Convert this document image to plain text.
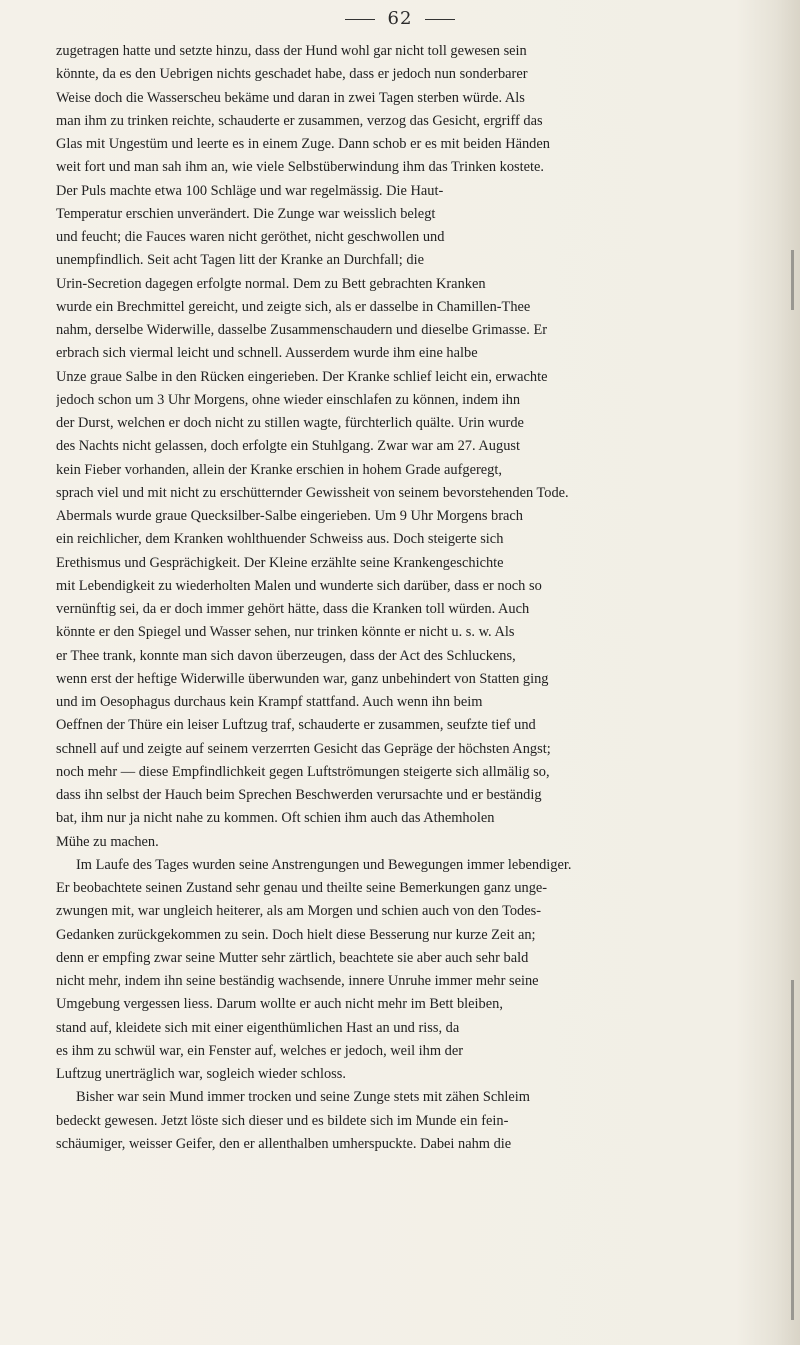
62
zugetragen hatte und setzte hinzu, dass der Hund wohl gar nicht toll gewesen sein
könnte, da es den Uebrigen nichts geschadet habe, dass er jedoch nun sonderbarer
Weise doch die Wasserscheu bekäme und daran in zwei Tagen sterben würde. Als
man ihm zu trinken reichte, schauderte er zusammen, verzog das Gesicht, ergriff das
Glas mit Ungestüm und leerte es in einem Zuge. Dann schob er es mit beiden Händen
weit fort und man sah ihm an, wie viele Selbstüberwindung ihm das Trinken kostete.
Der Puls machte etwa 100 Schläge und war regelmässig. Die Haut-
Temperatur erschien unverändert. Die Zunge war weisslich belegt
und feucht; die Fauces waren nicht geröthet, nicht geschwollen und
unempfindlich. Seit acht Tagen litt der Kranke an Durchfall; die
Urin-Secretion dagegen erfolgte normal. Dem zu Bett gebrachten Kranken
wurde ein Brechmittel gereicht, und zeigte sich, als er dasselbe in Chamillen-Thee
nahm, derselbe Widerwille, dasselbe Zusammenschaudern und dieselbe Grimasse. Er
erbrach sich viermal leicht und schnell. Ausserdem wurde ihm eine halbe
Unze graue Salbe in den Rücken eingerieben. Der Kranke schlief leicht ein, erwachte
jedoch schon um 3 Uhr Morgens, ohne wieder einschlafen zu können, indem ihn
der Durst, welchen er doch nicht zu stillen wagte, fürchterlich quälte. Urin wurde
des Nachts nicht gelassen, doch erfolgte ein Stuhlgang. Zwar war am 27. August
kein Fieber vorhanden, allein der Kranke erschien in hohem Grade aufgeregt,
sprach viel und mit nicht zu erschütternder Gewissheit von seinem bevorstehenden Tode.
Abermals wurde graue Quecksilber-Salbe eingerieben. Um 9 Uhr Morgens brach
ein reichlicher, dem Kranken wohlthuender Schweiss aus. Doch steigerte sich
Erethismus und Gesprächigkeit. Der Kleine erzählte seine Krankengeschichte
mit Lebendigkeit zu wiederholten Malen und wunderte sich darüber, dass er noch so
vernünftig sei, da er doch immer gehört hätte, dass die Kranken toll würden. Auch
könnte er den Spiegel und Wasser sehen, nur trinken könnte er nicht u. s. w. Als
er Thee trank, konnte man sich davon überzeugen, dass der Act des Schluckens,
wenn erst der heftige Widerwille überwunden war, ganz unbehindert von Statten ging
und im Oesophagus durchaus kein Krampf stattfand. Auch wenn ihn beim
Oeffnen der Thüre ein leiser Luftzug traf, schauderte er zusammen, seufzte tief und
schnell auf und zeigte auf seinem verzerrten Gesicht das Gepräge der höchsten Angst;
noch mehr — diese Empfindlichkeit gegen Luftströmungen steigerte sich allmälig so,
dass ihn selbst der Hauch beim Sprechen Beschwerden verursachte und er beständig
bat, ihm nur ja nicht nahe zu kommen. Oft schien ihm auch das Athemholen
Mühe zu machen.
Im Laufe des Tages wurden seine Anstrengungen und Bewegungen immer lebendiger.
Er beobachtete seinen Zustand sehr genau und theilte seine Bemerkungen ganz unge-
zwungen mit, war ungleich heiterer, als am Morgen und schien auch von den Todes-
Gedanken zurückgekommen zu sein. Doch hielt diese Besserung nur kurze Zeit an;
denn er empfing zwar seine Mutter sehr zärtlich, beachtete sie aber auch sehr bald
nicht mehr, indem ihn seine beständig wachsende, innere Unruhe immer mehr seine
Umgebung vergessen liess. Darum wollte er auch nicht mehr im Bett bleiben,
stand auf, kleidete sich mit einer eigenthümlichen Hast an und riss, da
es ihm zu schwül war, ein Fenster auf, welches er jedoch, weil ihm der
Luftzug unerträglich war, sogleich wieder schloss.
Bisher war sein Mund immer trocken und seine Zunge stets mit zähen Schleim
bedeckt gewesen. Jetzt löste sich dieser und es bildete sich im Munde ein fein-
schäumiger, weisser Geifer, den er allenthalben umherspuckte. Dabei nahm die
